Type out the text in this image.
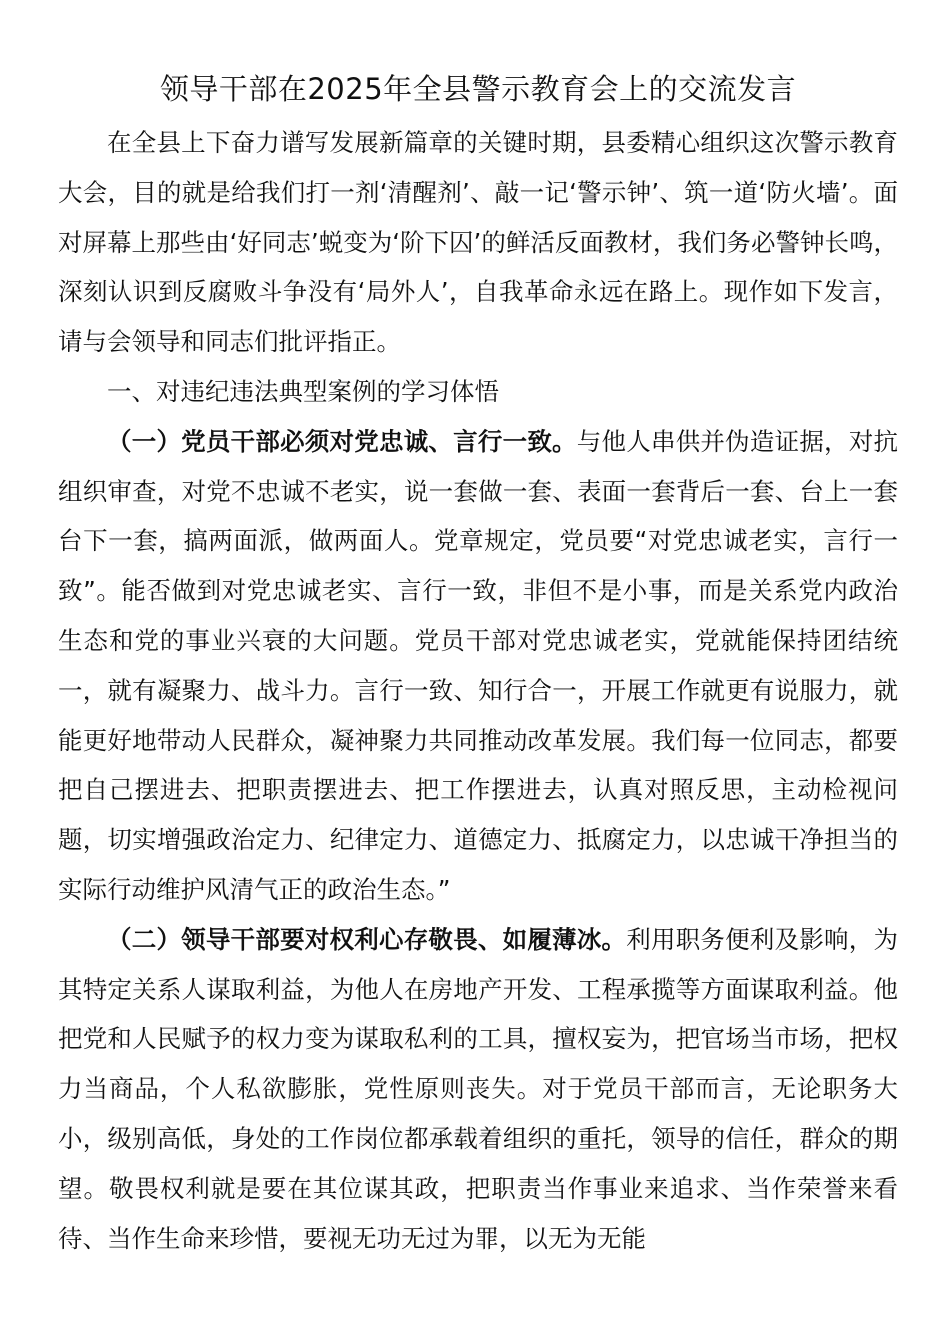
领导干部在2025年全县警示教育会上的交流发言

在全县上下奋力谱写发展新篇章的关键时期，县委精心组织这次警示教育大会，目的就是给我们打一剂‘清醒剂’、敲一记‘警示钟’、筑一道‘防火墙’。面对屏幕上那些由‘好同志’蜕变为‘阶下囚’的鲜活反面教材，我们务必警钟长鸣，深刻认识到反腐败斗争没有‘局外人’，自我革命永远在路上。现作如下发言，请与会领导和同志们批评指正。

一、对违纪违法典型案例的学习体悟

（一）党员干部必须对党忠诚、言行一致。与他人串供并伪造证据，对抗组织审查，对党不忠诚不老实，说一套做一套、表面一套背后一套、台上一套台下一套，搞两面派，做两面人。党章规定，党员要“对党忠诚老实，言行一致”。能否做到对党忠诚老实、言行一致，非但不是小事，而是关系党内政治生态和党的事业兴衰的大问题。党员干部对党忠诚老实，党就能保持团结统一，就有凝聚力、战斗力。言行一致、知行合一，开展工作就更有说服力，就能更好地带动人民群众，凝神聚力共同推动改革发展。我们每一位同志，都要把自己摆进去、把职责摆进去、把工作摆进去，认真对照反思，主动检视问题，切实增强政治定力、纪律定力、道德定力、抵腐定力，以忠诚干净担当的实际行动维护风清气正的政治生态。”

（二）领导干部要对权利心存敬畏、如履薄冰。利用职务便利及影响，为其特定关系人谋取利益，为他人在房地产开发、工程承揽等方面谋取利益。他把党和人民赋予的权力变为谋取私利的工具，擅权妄为，把官场当市场，把权力当商品，个人私欲膨胀，党性原则丧失。对于党员干部而言，无论职务大小，级别高低，身处的工作岗位都承载着组织的重托，领导的信任，群众的期望。敬畏权利就是要在其位谋其政，把职责当作事业来追求、当作荣誉来看待、当作生命来珍惜，要视无功无过为罪，以无为无能
